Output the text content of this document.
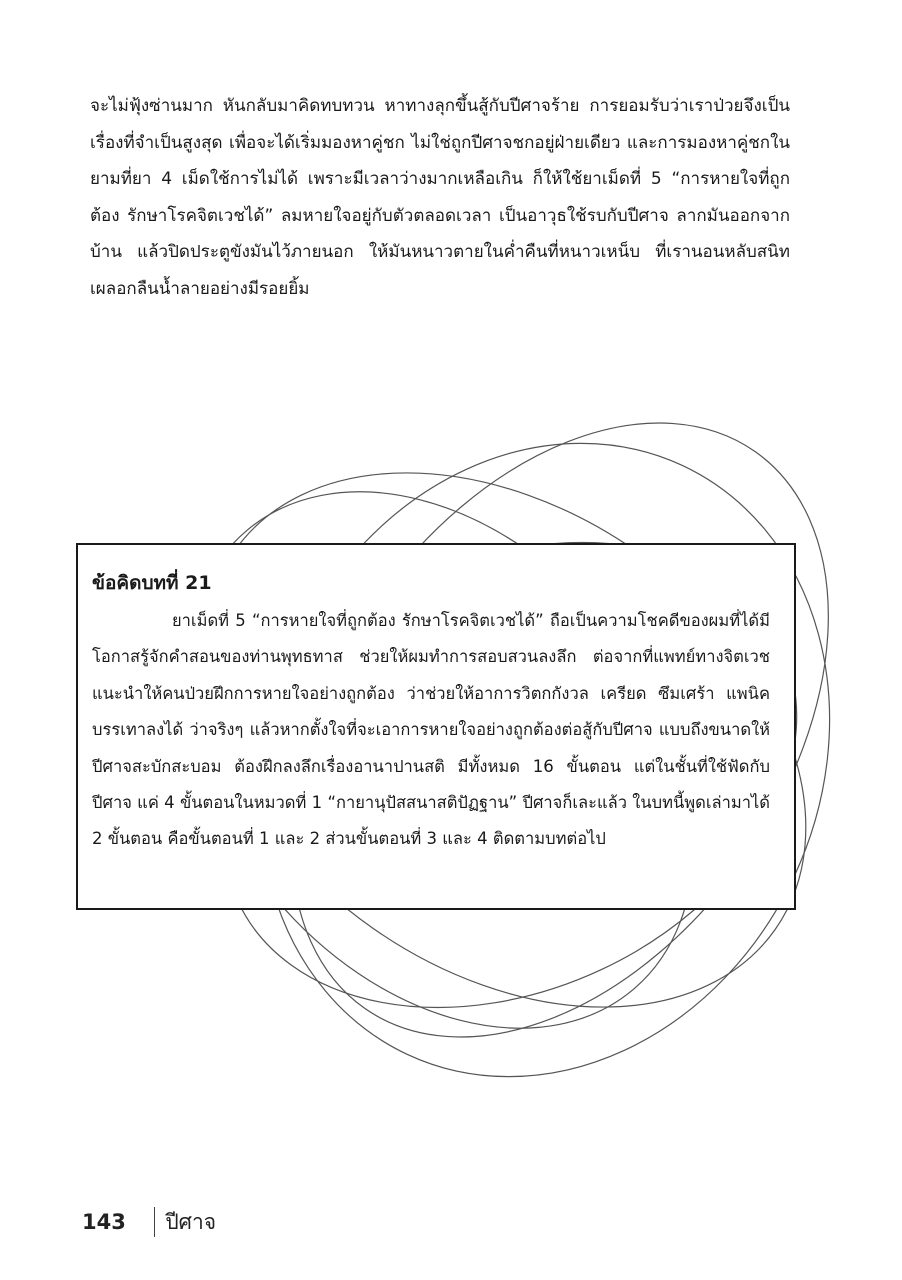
จะไม่ฟุ้งซ่านมาก หันกลับมาคิดทบทวน หาทางลุกขึ้นสู้กับปีศาจร้าย การยอมรับว่าเราป่วยจึงเป็นเรื่องที่จำเป็นสูงสุด เพื่อจะได้เริ่มมองหาคู่ชก ไม่ใช่ถูกปีศาจชกอยู่ฝ่ายเดียว และการมองหาคู่ชกในยามที่ยา 4 เม็ดใช้การไม่ได้ เพราะมีเวลาว่างมากเหลือเกิน ก็ให้ใช้ยาเม็ดที่ 5 “การหายใจที่ถูกต้อง รักษาโรคจิตเวชได้” ลมหายใจอยู่กับตัวตลอดเวลา เป็นอาวุธใช้รบกับปีศาจ ลากมันออกจากบ้าน แล้วปิดประตูขังมันไว้ภายนอก ให้มันหนาวตายในค่ำคืนที่หนาวเหน็บ ที่เรานอนหลับสนิทเผลอกลืนน้ำลายอย่างมีรอยยิ้ม

ข้อคิดบทที่ 21

ยาเม็ดที่ 5 “การหายใจที่ถูกต้อง รักษาโรคจิตเวชได้” ถือเป็นความโชคดีของผมที่ได้มีโอกาสรู้จักคำสอนของท่านพุทธทาส ช่วยให้ผมทำการสอบสวนลงลึก ต่อจากที่แพทย์ทางจิตเวชแนะนำให้คนป่วยฝึกการหายใจอย่างถูกต้อง ว่าช่วยให้อาการวิตกกังวล เครียด ซึมเศร้า แพนิค บรรเทาลงได้ ว่าจริงๆ แล้วหากตั้งใจที่จะเอาการหายใจอย่างถูกต้องต่อสู้กับปีศาจ แบบถึงขนาดให้ปีศาจสะบักสะบอม ต้องฝึกลงลึกเรื่องอานาปานสติ มีทั้งหมด 16 ขั้นตอน แต่ในชั้นที่ใช้ฟัดกับปีศาจ แค่ 4 ขั้นตอนในหมวดที่ 1 “กายานุปัสสนาสติปัฏฐาน” ปีศาจก็เละแล้ว ในบทนี้พูดเล่ามาได้ 2 ขั้นตอน คือขั้นตอนที่ 1 และ 2 ส่วนขั้นตอนที่ 3 และ 4 ติดตามบทต่อไป

143 ปีศาจ
